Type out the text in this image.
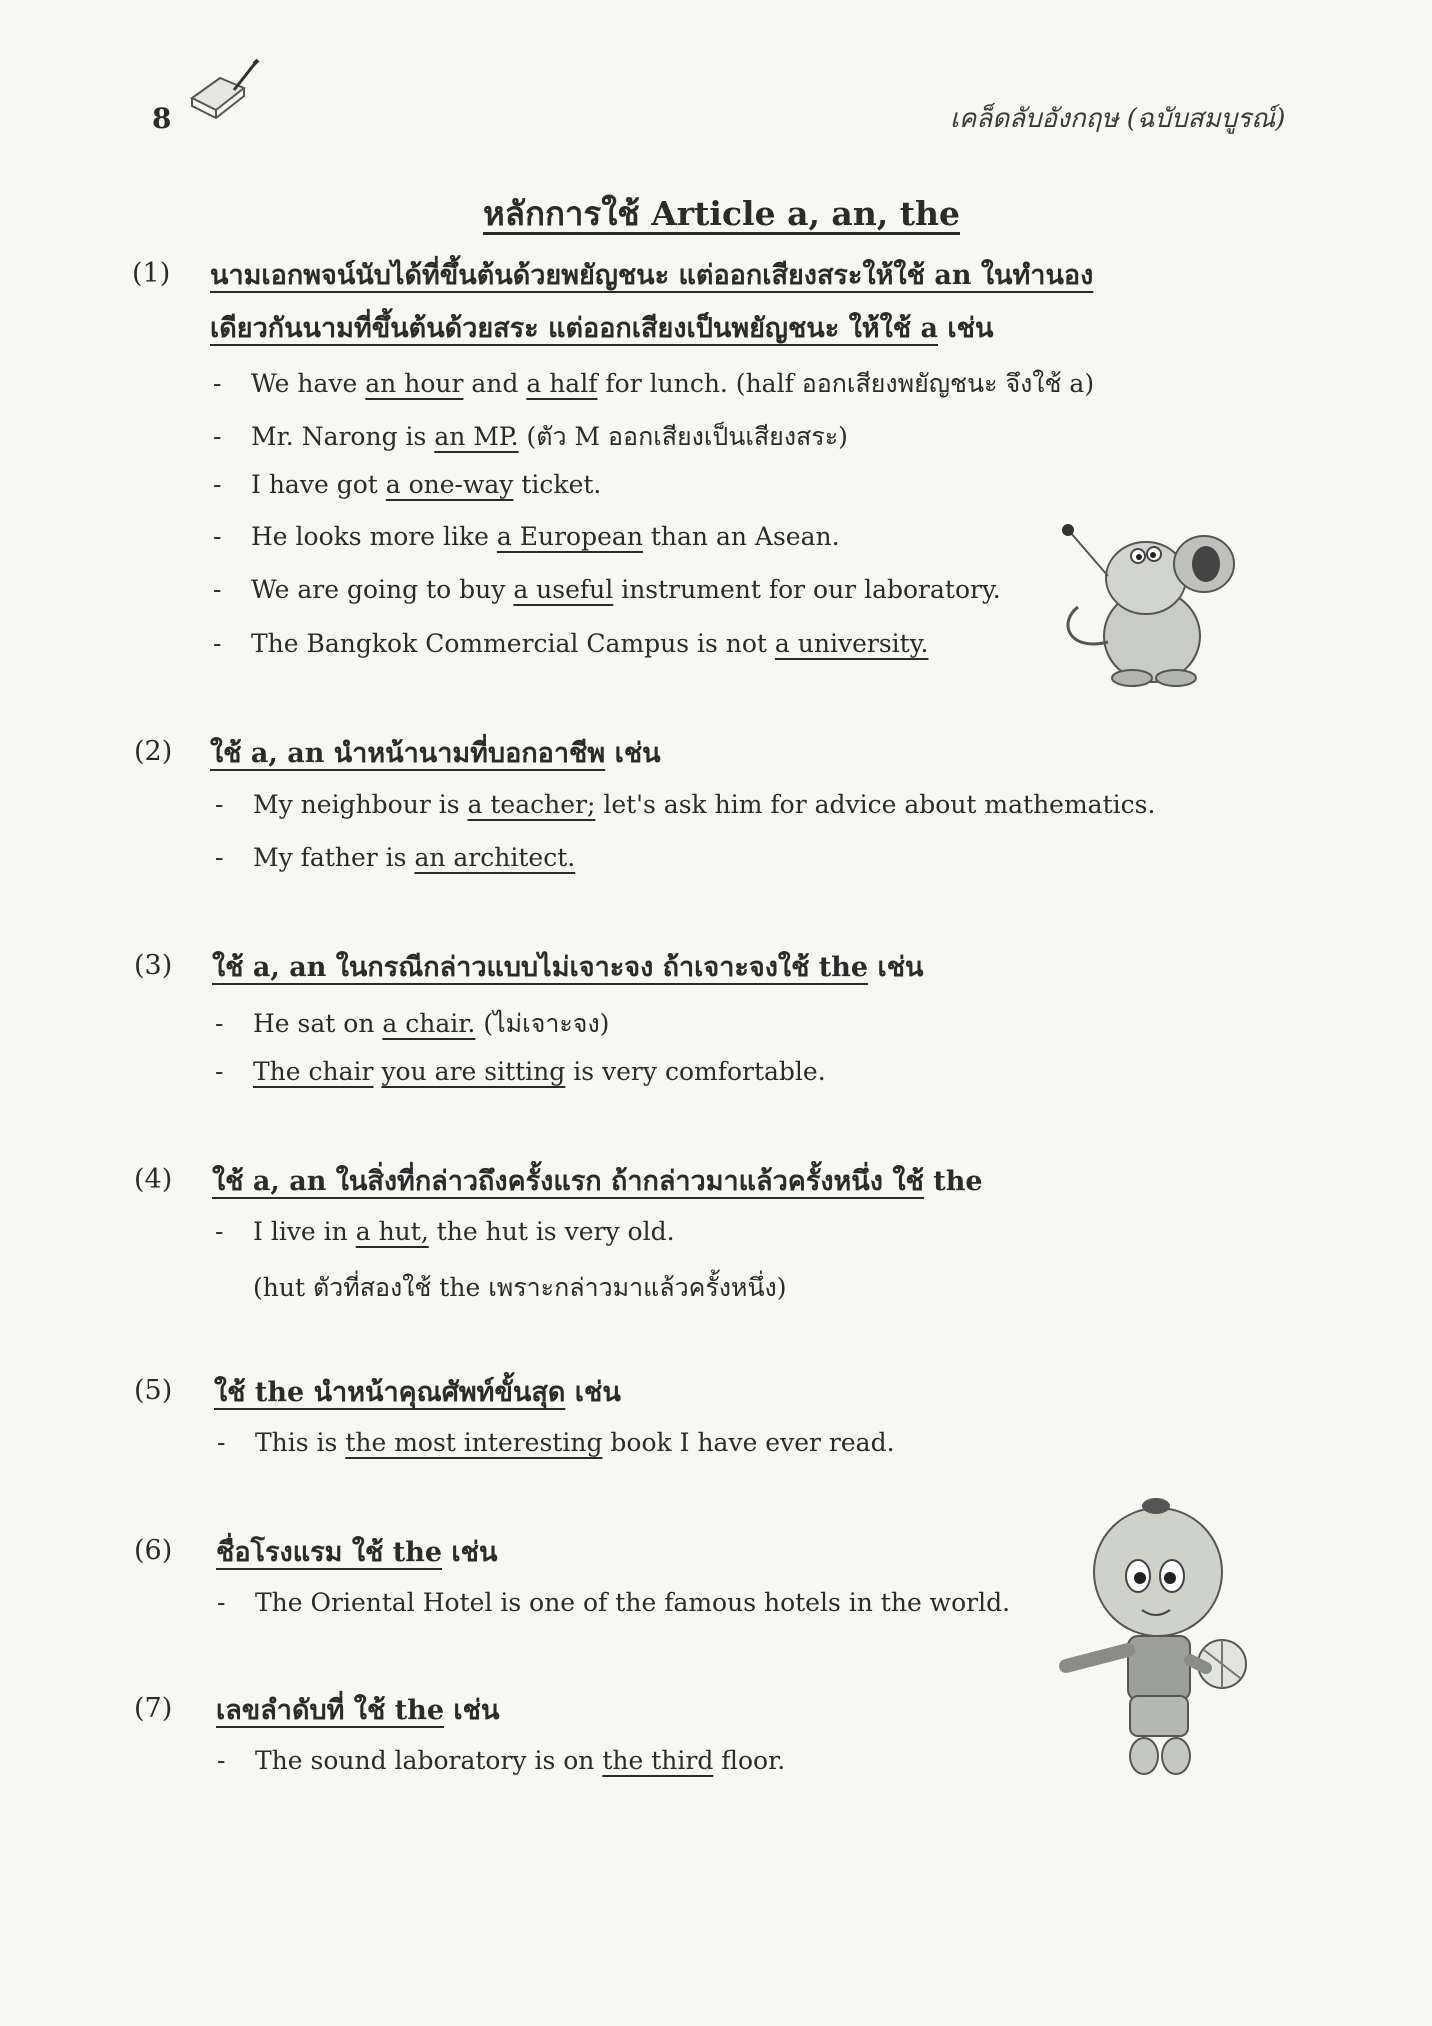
8	เคล็ดลับอังกฤษ (ฉบับสมบูรณ์)
หลักการใช้ Article a, an, the
(1)
(2)
(3)
(4)
(5)
(6)
(7)
นามเอกพจน์นับได้ที่ขึ้นต้นด้วยพยัญชนะ แต่ออกเสียงสระให้ใช้ an ในทำนอง
เดียวกันนามที่ขึ้นต้นด้วยสระ แต่ออกเสียงเป็นพยัญชนะ ให้ใช้ a เช่น
ใช้ a, an นำหน้านามที่บอกอาชีพ เช่น
ใช้ a, an ในกรณีกล่าวแบบไม่เจาะจง ถ้าเจาะจงใช้ the เช่น
ใช้ a, an ในสิ่งที่กล่าวถึงครั้งแรก ถ้ากล่าวมาแล้วครั้งหนึ่ง ใช้ the
ใช้ the นำหน้าคุณศัพท์ขั้นสุด เช่น
ชื่อโรงแรม ใช้ the เช่น
เลขลำดับที่ ใช้ the เช่น
- We have an hour and a half for lunch. (half ออกเสียงพยัญชนะ จึงใช้ a)
- Mr. Narong is an MP. (ตัว M ออกเสียงเป็นเสียงสระ)
- I have got a one-way ticket.
- He looks more like a European than an Asean.
- We are going to buy a useful instrument for our laboratory.
- The Bangkok Commercial Campus is not a university.
- My neighbour is a teacher; let's ask him for advice about mathematics.
- My father is an architect.
- He sat on a chair. (ไม่เจาะจง)
- The chair you are sitting is very comfortable.
- I live in a hut, the hut is very old.
(hut ตัวที่สองใช้ the เพราะกล่าวมาแล้วครั้งหนึ่ง)
- This is the most interesting book I have ever read.
- The Oriental Hotel is one of the famous hotels in the world.
- The sound laboratory is on the third floor.
